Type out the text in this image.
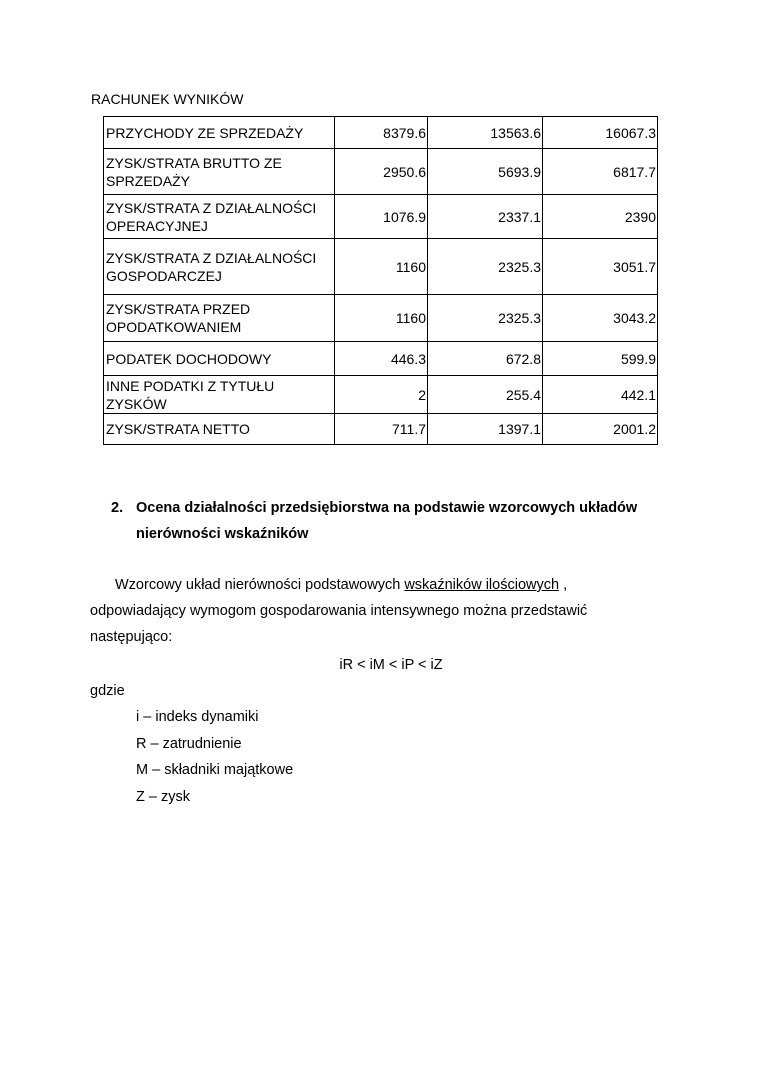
RACHUNEK WYNIKÓW
PRZYCHODY ZE SPRZEDAŻY	8379.6	13563.6	16067.3
ZYSK/STRATA BRUTTO ZE SPRZEDAŻY	2950.6	5693.9	6817.7
ZYSK/STRATA Z DZIAŁALNOŚCI OPERACYJNEJ	1076.9	2337.1	2390
ZYSK/STRATA Z DZIAŁALNOŚCI GOSPODARCZEJ	1160	2325.3	3051.7
ZYSK/STRATA PRZED OPODATKOWANIEM	1160	2325.3	3043.2
PODATEK DOCHODOWY	446.3	672.8	599.9
INNE PODATKI Z TYTUŁU ZYSKÓW	2	255.4	442.1
ZYSK/STRATA NETTO	711.7	1397.1	2001.2
2. Ocena działalności przedsiębiorstwa na podstawie wzorcowych układów
nierówności wskaźników
Wzorcowy układ nierówności podstawowych wskaźników ilościowych ,
odpowiadający wymogom gospodarowania intensywnego można przedstawić
następująco:
iR < iM < iP < iZ
gdzie
i – indeks dynamiki
R – zatrudnienie
M – składniki majątkowe
Z – zysk
